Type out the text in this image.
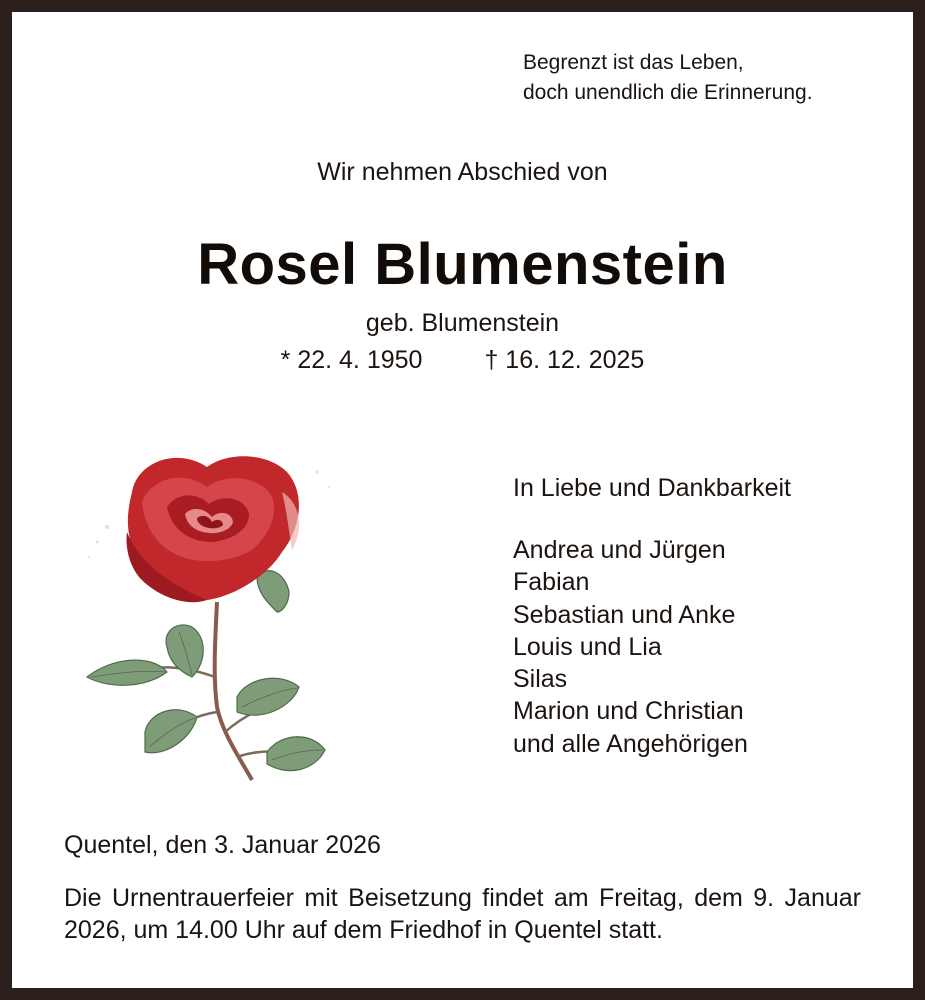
Begrenzt ist das Leben,
doch unendlich die Erinnerung.
Wir nehmen Abschied von
Rosel Blumenstein
geb. Blumenstein
* 22. 4. 1950 † 16. 12. 2025
In Liebe und Dankbarkeit
Andrea und Jürgen
Fabian
Sebastian und Anke
Louis und Lia
Silas
Marion und Christian
und alle Angehörigen
Quentel, den 3. Januar 2026
Die Urnentrauerfeier mit Beisetzung findet am Freitag, dem 9. Januar 2026, um 14.00 Uhr auf dem Friedhof in Quentel statt.
